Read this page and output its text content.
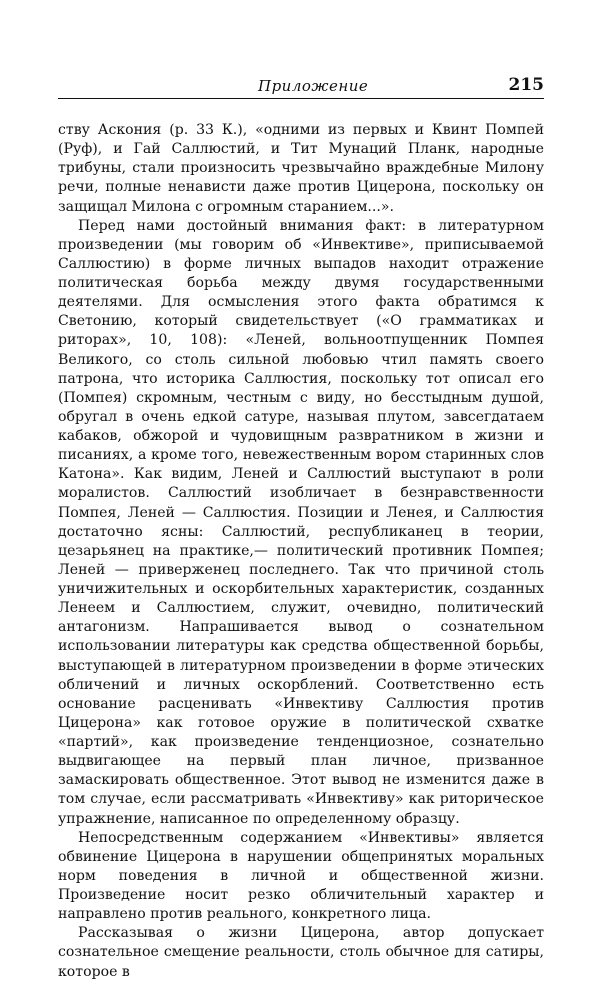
Приложение	215

ству Аскония (р. 33 К.), «одними из первых и Квинт Помпей (Руф), и Гай Саллюстий, и Тит Мунаций Планк, народные трибуны, стали произносить чрезвычайно враждебные Милону речи, полные ненависти даже против Цицерона, поскольку он защищал Милона с огромным старанием...».

Перед нами достойный внимания факт: в литературном произведении (мы говорим об «Инвективе», приписываемой Саллюстию) в форме личных выпадов находит отражение политическая борьба между двумя государственными деятелями. Для осмысления этого факта обратимся к Светонию, который свидетельствует («О грамматиках и риторах», 10, 108): «Леней, вольноотпущенник Помпея Великого, со столь сильной любовью чтил память своего патрона, что историка Саллюстия, поскольку тот описал его (Помпея) скромным, честным с виду, но бесстыдным душой, обругал в очень едкой сатуре, называя плутом, завсегдатаем кабаков, обжорой и чудовищным развратником в жизни и писаниях, а кроме того, невежественным вором старинных слов Катона». Как видим, Леней и Саллюстий выступают в роли моралистов. Саллюстий изобличает в безнравственности Помпея, Леней — Саллюстия. Позиции и Ленея, и Саллюстия достаточно ясны: Саллюстий, республиканец в теории, цезарьянец на практике,— политический противник Помпея; Леней — приверженец последнего. Так что причиной столь уничижительных и оскорбительных характеристик, созданных Ленеем и Саллюстием, служит, очевидно, политический антагонизм. Напрашивается вывод о сознательном использовании литературы как средства общественной борьбы, выступающей в литературном произведении в форме этических обличений и личных оскорблений. Соответственно есть основание расценивать «Инвективу Саллюстия против Цицерона» как готовое оружие в политической схватке «партий», как произведение тенденциозное, сознательно выдвигающее на первый план личное, призванное замаскировать общественное. Этот вывод не изменится даже в том случае, если рассматривать «Инвективу» как риторическое упражнение, написанное по определенному образцу.

Непосредственным содержанием «Инвективы» является обвинение Цицерона в нарушении общепринятых моральных норм поведения в личной и общественной жизни. Произведение носит резко обличительный характер и направлено против реального, конкретного лица.

Рассказывая о жизни Цицерона, автор допускает сознательное смещение реальности, столь обычное для сатиры, которое в
